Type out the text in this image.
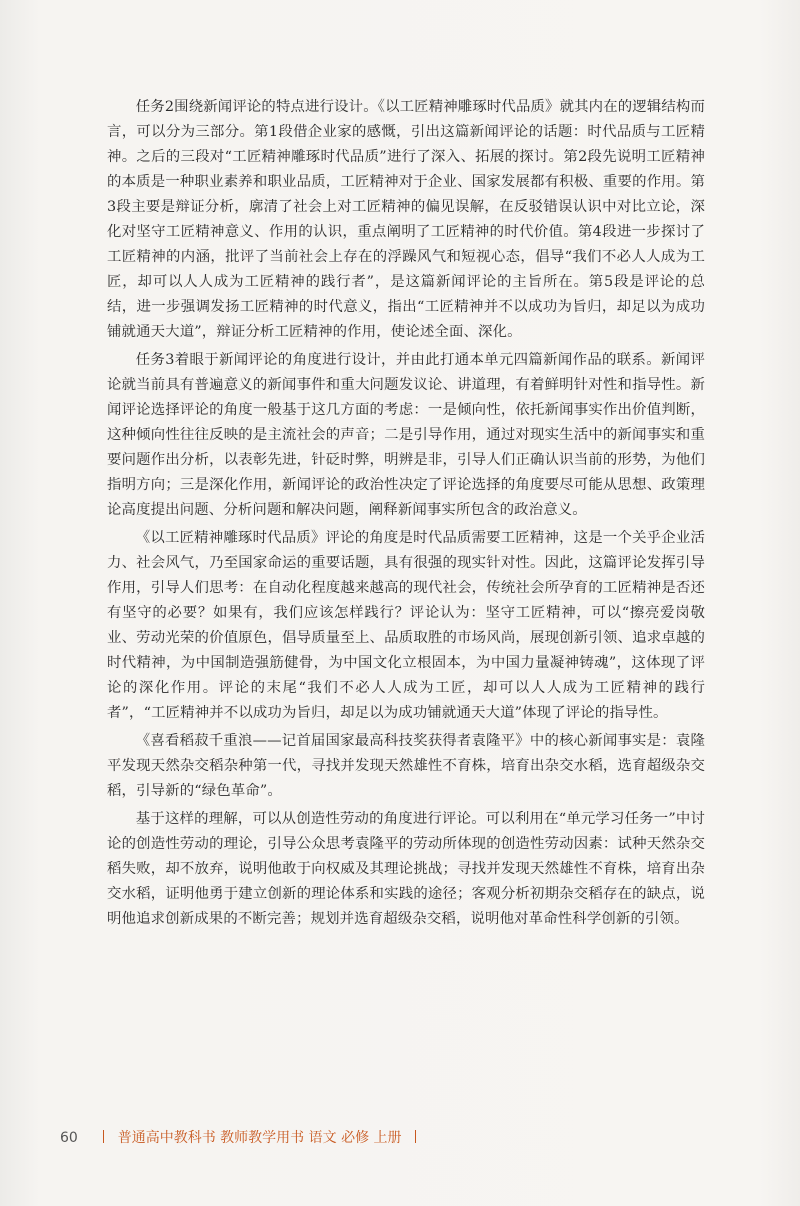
任务2围绕新闻评论的特点进行设计。《以工匠精神雕琢时代品质》就其内在的逻辑结构而言，可以分为三部分。第1段借企业家的感慨，引出这篇新闻评论的话题：时代品质与工匠精神。之后的三段对“工匠精神雕琢时代品质”进行了深入、拓展的探讨。第2段先说明工匠精神的本质是一种职业素养和职业品质，工匠精神对于企业、国家发展都有积极、重要的作用。第3段主要是辩证分析，廓清了社会上对工匠精神的偏见误解，在反驳错误认识中对比立论，深化对坚守工匠精神意义、作用的认识，重点阐明了工匠精神的时代价值。第4段进一步探讨了工匠精神的内涵，批评了当前社会上存在的浮躁风气和短视心态，倡导“我们不必人人成为工匠，却可以人人成为工匠精神的践行者”，是这篇新闻评论的主旨所在。第5段是评论的总结，进一步强调发扬工匠精神的时代意义，指出“工匠精神并不以成功为旨归，却足以为成功铺就通天大道”，辩证分析工匠精神的作用，使论述全面、深化。

任务3着眼于新闻评论的角度进行设计，并由此打通本单元四篇新闻作品的联系。新闻评论就当前具有普遍意义的新闻事件和重大问题发议论、讲道理，有着鲜明针对性和指导性。新闻评论选择评论的角度一般基于这几方面的考虑：一是倾向性，依托新闻事实作出价值判断，这种倾向性往往反映的是主流社会的声音；二是引导作用，通过对现实生活中的新闻事实和重要问题作出分析，以表彰先进，针砭时弊，明辨是非，引导人们正确认识当前的形势，为他们指明方向；三是深化作用，新闻评论的政治性决定了评论选择的角度要尽可能从思想、政策理论高度提出问题、分析问题和解决问题，阐释新闻事实所包含的政治意义。

《以工匠精神雕琢时代品质》评论的角度是时代品质需要工匠精神，这是一个关乎企业活力、社会风气，乃至国家命运的重要话题，具有很强的现实针对性。因此，这篇评论发挥引导作用，引导人们思考：在自动化程度越来越高的现代社会，传统社会所孕育的工匠精神是否还有坚守的必要？如果有，我们应该怎样践行？评论认为：坚守工匠精神，可以“擦亮爱岗敬业、劳动光荣的价值原色，倡导质量至上、品质取胜的市场风尚，展现创新引领、追求卓越的时代精神，为中国制造强筋健骨，为中国文化立根固本，为中国力量凝神铸魂”，这体现了评论的深化作用。评论的末尾“我们不必人人成为工匠，却可以人人成为工匠精神的践行者”，“工匠精神并不以成功为旨归，却足以为成功铺就通天大道”体现了评论的指导性。

《喜看稻菽千重浪——记首届国家最高科技奖获得者袁隆平》中的核心新闻事实是：袁隆平发现天然杂交稻杂种第一代，寻找并发现天然雄性不育株，培育出杂交水稻，选育超级杂交稻，引导新的“绿色革命”。

基于这样的理解，可以从创造性劳动的角度进行评论。可以利用在“单元学习任务一”中讨论的创造性劳动的理论，引导公众思考袁隆平的劳动所体现的创造性劳动因素：试种天然杂交稻失败，却不放弃，说明他敢于向权威及其理论挑战；寻找并发现天然雄性不育株，培育出杂交水稻，证明他勇于建立创新的理论体系和实践的途径；客观分析初期杂交稻存在的缺点，说明他追求创新成果的不断完善；规划并选育超级杂交稻，说明他对革命性科学创新的引领。

60	普通高中教科书 教师教学用书 语文 必修 上册
